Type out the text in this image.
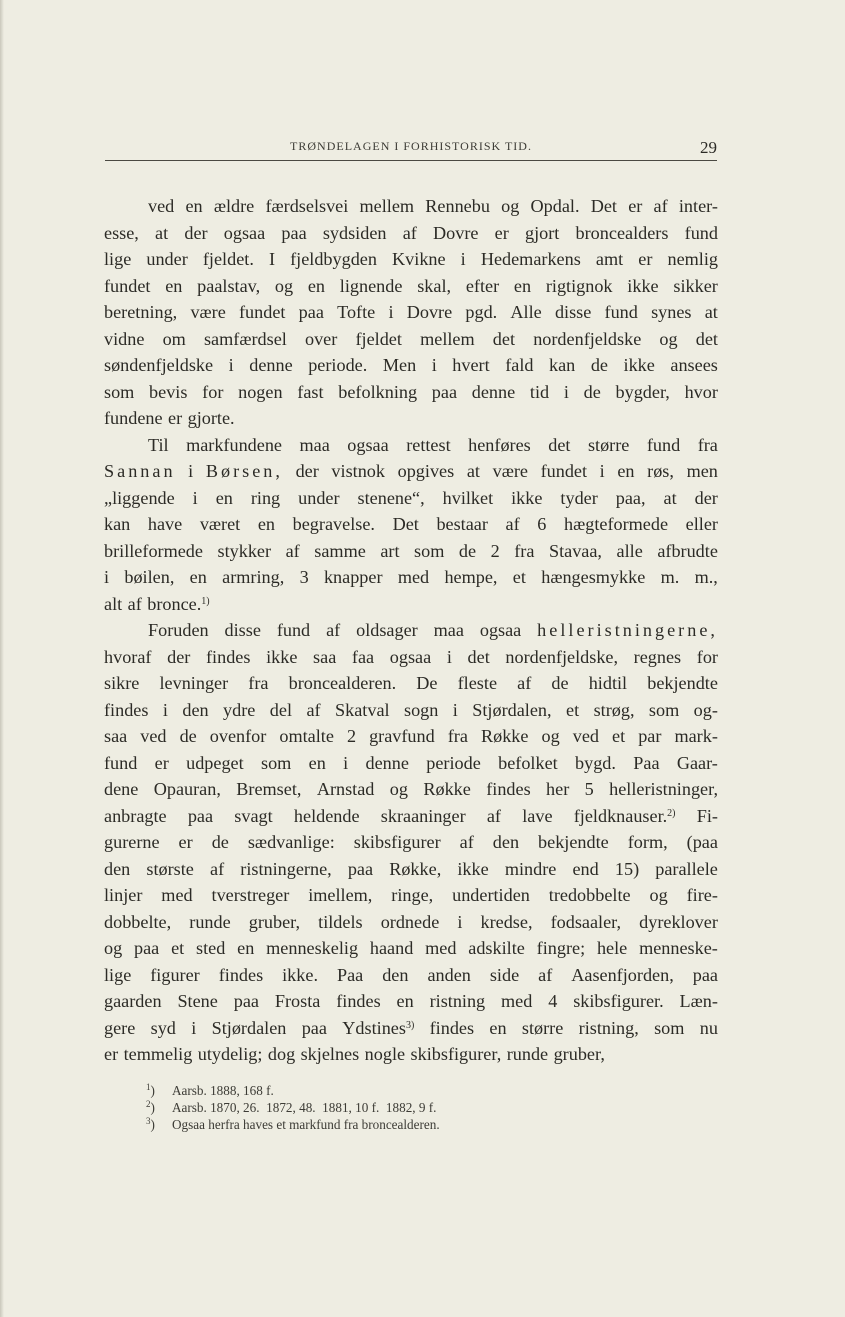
TRØNDELAGEN I FORHISTORISK TID.	29
ved en ældre færdselsvei mellem Rennebu og Opdal. Det er af inter-
esse, at der ogsaa paa sydsiden af Dovre er gjort broncealders fund
lige under fjeldet. I fjeldbygden Kvikne i Hedemarkens amt er nemlig
fundet en paalstav, og en lignende skal, efter en rigtignok ikke sikker
beretning, være fundet paa Tofte i Dovre pgd. Alle disse fund synes at
vidne om samfærdsel over fjeldet mellem det nordenfjeldske og det
søndenfjeldske i denne periode. Men i hvert fald kan de ikke ansees
som bevis for nogen fast befolkning paa denne tid i de bygder, hvor
fundene er gjorte.
Til markfundene maa ogsaa rettest henføres det større fund fra
Sannan i Børsen, der vistnok opgives at være fundet i en røs, men
„liggende i en ring under stenene“, hvilket ikke tyder paa, at der
kan have været en begravelse. Det bestaar af 6 hægteformede eller
brilleformede stykker af samme art som de 2 fra Stavaa, alle afbrudte
i bøilen, en armring, 3 knapper med hempe, et hængesmykke m. m.,
alt af bronce.$^{1)}$
Foruden disse fund af oldsager maa ogsaa helleristningerne,
hvoraf der findes ikke saa faa ogsaa i det nordenfjeldske, regnes for
sikre levninger fra broncealderen. De fleste af de hidtil bekjendte
findes i den ydre del af Skatval sogn i Stjørdalen, et strøg, som og-
saa ved de ovenfor omtalte 2 gravfund fra Røkke og ved et par mark-
fund er udpeget som en i denne periode befolket bygd. Paa Gaar-
dene Opauran, Bremset, Arnstad og Røkke findes her 5 helleristninger,
anbragte paa svagt heldende skraaninger af lave fjeldknauser.$^{2)}$ Fi-
gurerne er de sædvanlige: skibsfigurer af den bekjendte form, (paa
den største af ristningerne, paa Røkke, ikke mindre end 15) parallele
linjer med tverstreger imellem, ringe, undertiden tredobbelte og fire-
dobbelte, runde gruber, tildels ordnede i kredse, fodsaaler, dyreklover
og paa et sted en menneskelig haand med adskilte fingre; hele menneske-
lige figurer findes ikke. Paa den anden side af Aasenfjorden, paa
gaarden Stene paa Frosta findes en ristning med 4 skibsfigurer. Læn-
gere syd i Stjørdalen paa Ydstines$^{3)}$ findes en større ristning, som nu
er temmelig utydelig; dog skjelnes nogle skibsfigurer, runde gruber,
$^1$) Aarsb. 1888, 168 f.
$^2$) Aarsb. 1870, 26.  1872, 48.  1881, 10 f.  1882, 9 f.
$^3$) Ogsaa herfra haves et markfund fra broncealderen.
